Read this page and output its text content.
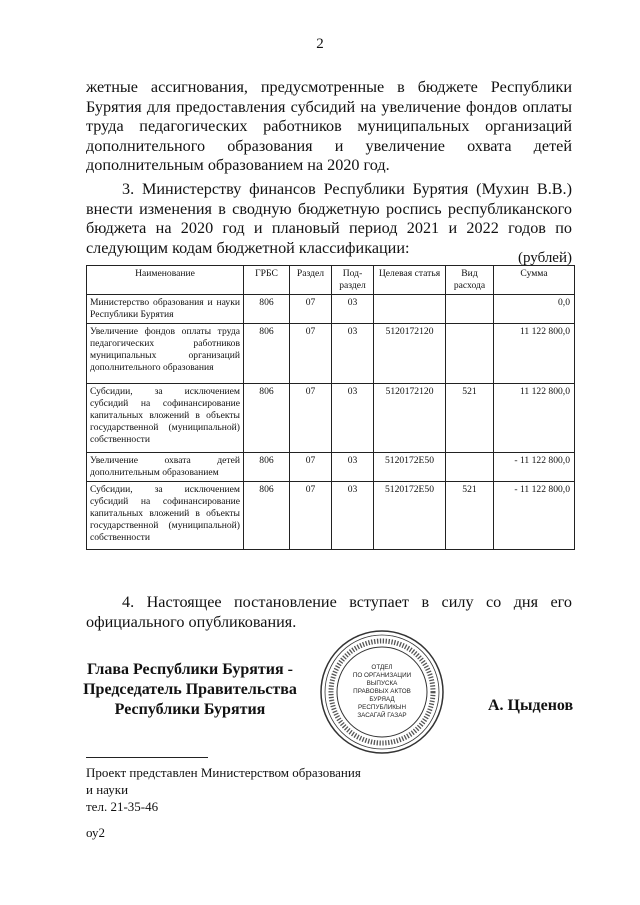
2

жетные ассигнования, предусмотренные в бюджете Республики Бурятия для предоставления субсидий на увеличение фондов оплаты труда педагогических работников муниципальных организаций дополнительного образования и увеличение охвата детей дополнительным образованием на 2020 год.

3. Министерству финансов Республики Бурятия (Мухин В.В.) внести изменения в сводную бюджетную роспись республиканского бюджета на 2020 год и плановый период 2021 и 2022 годов по следующим кодам бюджетной классификации:

(рублей)
Наименование	ГРБС	Раздел	Под-раздел	Целевая статья	Вид расхода	Сумма
Министерство образования и науки Республики Бурятия	806	07	03			0,0
Увеличение фондов оплаты труда педагогических работников муниципальных организаций дополнительного образования	806	07	03	5120172120		11 122 800,0
Субсидии, за исключением субсидий на софинансирование капитальных вложений в объекты государственной (муниципальной) собственности	806	07	03	5120172120	521	11 122 800,0
Увеличение охвата детей дополнительным образованием	806	07	03	5120172E50		- 11 122 800,0
Субсидии, за исключением субсидий на софинансирование капитальных вложений в объекты государственной (муниципальной) собственности	806	07	03	5120172E50	521	- 11 122 800,0

4. Настоящее постановление вступает в силу со дня его официального опубликования.

Глава Республики Бурятия -
Председатель Правительства
Республики Бурятия
ОТДЕЛ
ПО ОРГАНИЗАЦИИ
ВЫПУСКА
ПРАВОВЫХ АКТОВ
БУРЯАД
РЕСПУБЛИКЫН
ЗАСАГАЙ ГАЗАР
А. Цыденов
Проект представлен Министерством образования
и науки
тел. 21-35-46
оу2
